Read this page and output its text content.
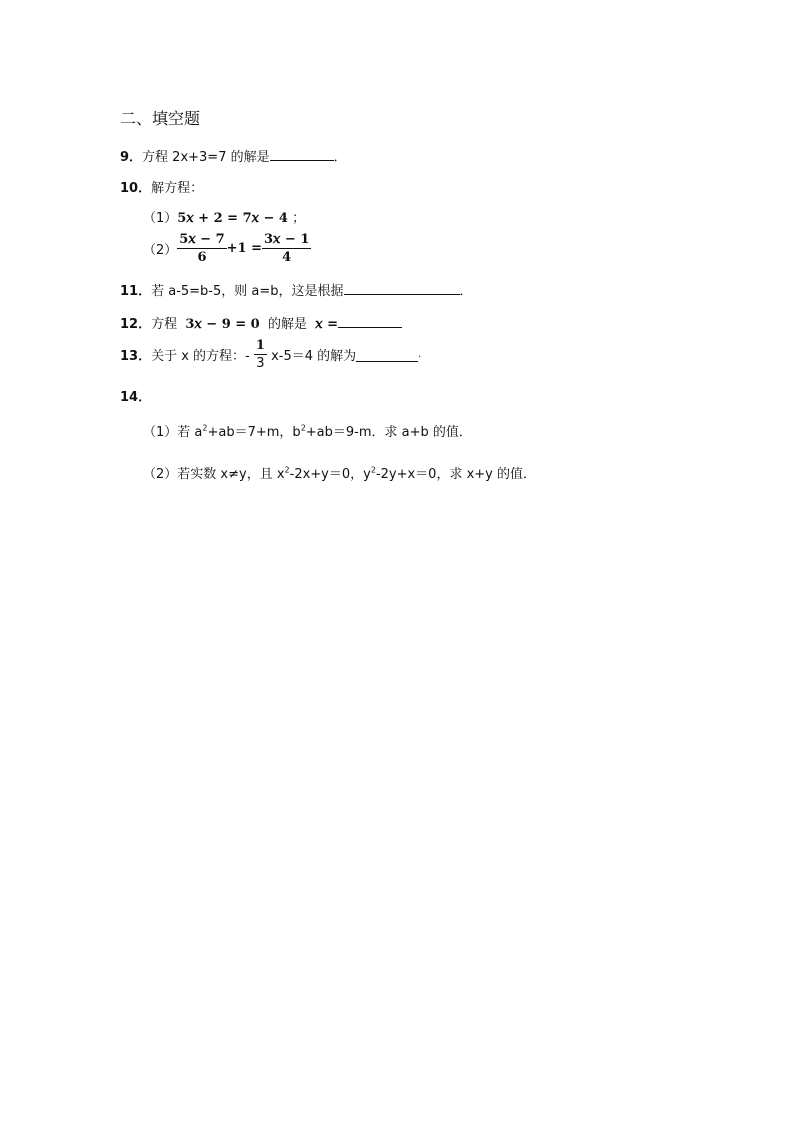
二、填空题
9．方程 2x+3=7 的解是	．
10．解方程：
（1）5𝑥 + 2 = 7𝑥 − 4 ；
$(2) \frac{\text{5𝑥 − 7}}{6} +1 = \frac{\text{3𝑥 − 1}}{4}$
11．若 a-5=b-5，则 a=b，这是根据	．
12．方程 3𝑥 − 9 = 0 的解是 𝑥 =
13．关于 x 的方程：- $\frac{1}{3} x-5=4$ 的解为	.
14．
（1）若 $a^2+ab=7+m$，$b^2+ab=9-m$．求 a+b 的值．
（2）若实数 x≠y，且 $x^2-2x+y=0$，$y^2-2y+x=0$，求 x+y 的值．
